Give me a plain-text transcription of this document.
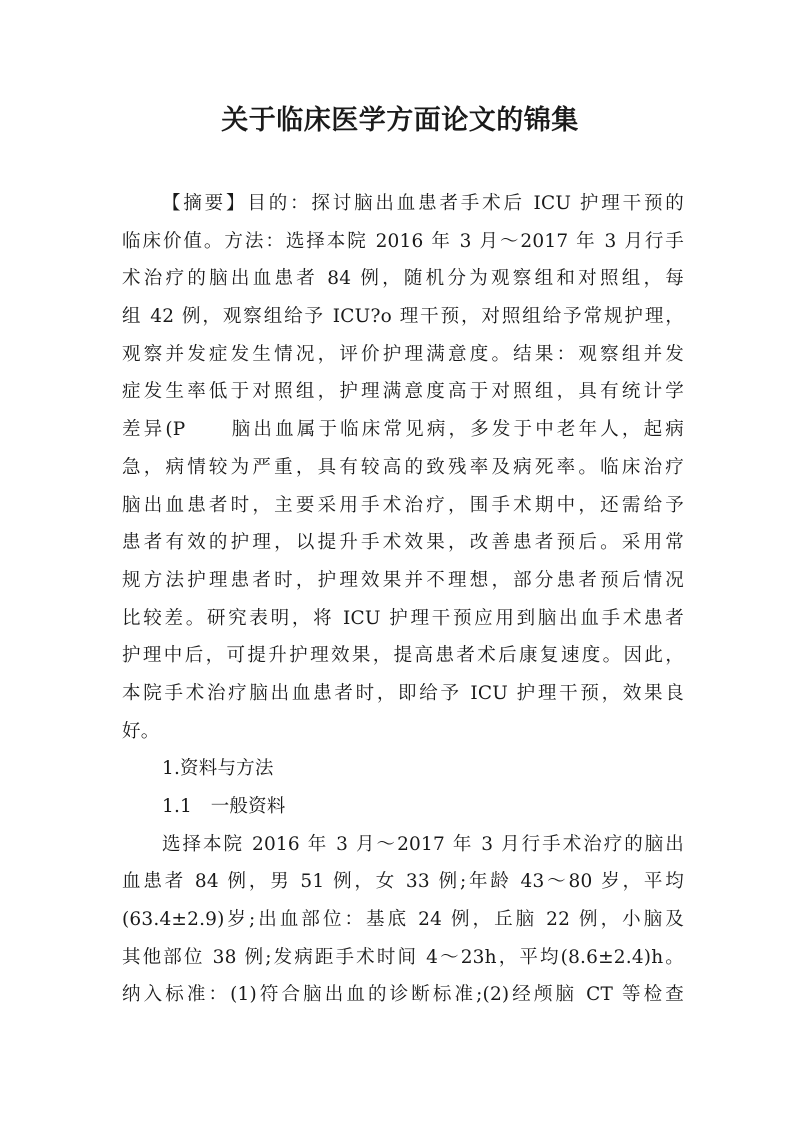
关于临床医学方面论文的锦集
【摘要】目的：探讨脑出血患者手术后 ICU 护理干预的
临床价值。方法：选择本院 2016 年 3 月～2017 年 3 月行手
术治疗的脑出血患者 84 例，随机分为观察组和对照组，每
组 42 例，观察组给予 ICU?o 理干预，对照组给予常规护理，
观察并发症发生情况，评价护理满意度。结果：观察组并发
症发生率低于对照组，护理满意度高于对照组，具有统计学
差异(P　　脑出血属于临床常见病，多发于中老年人，起病
急，病情较为严重，具有较高的致残率及病死率。临床治疗
脑出血患者时，主要采用手术治疗，围手术期中，还需给予
患者有效的护理，以提升手术效果，改善患者预后。采用常
规方法护理患者时，护理效果并不理想，部分患者预后情况
比较差。研究表明，将 ICU 护理干预应用到脑出血手术患者
护理中后，可提升护理效果，提高患者术后康复速度。因此，
本院手术治疗脑出血患者时，即给予 ICU 护理干预，效果良
好。
1.资料与方法
1.1　一般资料
选择本院 2016 年 3 月～2017 年 3 月行手术治疗的脑出
血患者 84 例，男 51 例，女 33 例;年龄 43～80 岁，平均
(63.4±2.9)岁;出血部位：基底 24 例，丘脑 22 例，小脑及
其他部位 38 例;发病距手术时间 4～23h，平均(8.6±2.4)h。
纳入标准：(1)符合脑出血的诊断标准;(2)经颅脑 CT 等检查
